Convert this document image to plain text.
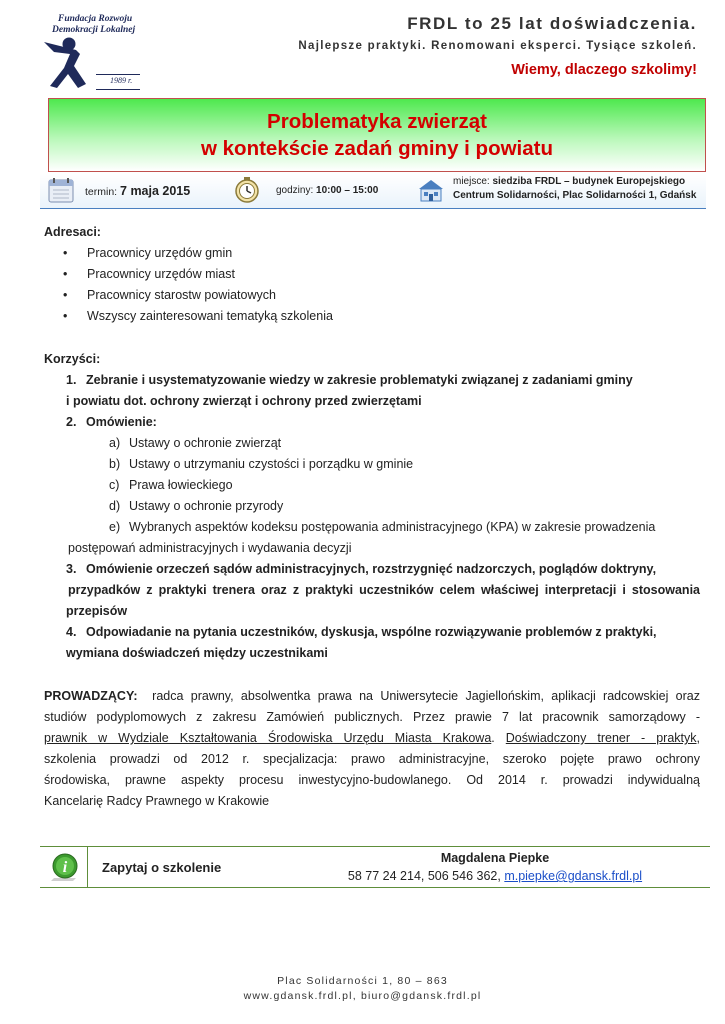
Fundacja Rozwoju
Demokracji Lokalnej
1989 r.
FRDL to 25 lat doświadczenia.
Najlepsze praktyki. Renomowani eksperci. Tysiące szkoleń.
Wiemy, dlaczego szkolimy!
Problematyka zwierząt
w kontekście zadań gminy i powiatu
termin: 7 maja 2015	godziny: 10:00 – 15:00
miejsce: siedziba FRDL – budynek Europejskiego
Centrum Solidarności, Plac Solidarności 1, Gdańsk
Adresaci:
• Pracownicy urzędów gmin
• Pracownicy urzędów miast
• Pracownicy starostw powiatowych
• Wszyscy zainteresowani tematyką szkolenia
Korzyści:
1. Zebranie i usystematyzowanie wiedzy w zakresie problematyki związanej z zadaniami gminy
i powiatu dot. ochrony zwierząt i ochrony przed zwierzętami
2. Omówienie:
a) Ustawy o ochronie zwierząt
b) Ustawy o utrzymaniu czystości i porządku w gminie
c) Prawa łowieckiego
d) Ustawy o ochronie przyrody
e) Wybranych aspektów kodeksu postępowania administracyjnego (KPA) w zakresie prowadzenia
postępowań administracyjnych i wydawania decyzji
3. Omówienie orzeczeń sądów administracyjnych, rozstrzygnięć nadzorczych, poglądów doktryny,
przypadków z praktyki trenera oraz z praktyki uczestników celem właściwej interpretacji i stosowania
przepisów
4. Odpowiadanie na pytania uczestników, dyskusja, wspólne rozwiązywanie problemów z praktyki,
wymiana doświadczeń między uczestnikami
PROWADZĄCY: radca prawny, absolwentka prawa na Uniwersytecie Jagiellońskim, aplikacji radcowskiej oraz
studiów podyplomowych z zakresu Zamówień publicznych. Przez prawie 7 lat pracownik samorządowy -
prawnik w Wydziale Kształtowania Środowiska Urzędu Miasta Krakowa. Doświadczony trener - praktyk,
szkolenia prowadzi od 2012 r. specjalizacja: prawo administracyjne, szeroko pojęte prawo ochrony
środowiska, prawne aspekty procesu inwestycyjno-budowlanego. Od 2014 r. prowadzi indywidualną
Kancelarię Radcy Prawnego w Krakowie
i	Zapytaj o szkolenie
Magdalena Piepke
58 77 24 214, 506 546 362, m.piepke@gdansk.frdl.pl
Plac Solidarności 1, 80 – 863
www.gdansk.frdl.pl, biuro@gdansk.frdl.pl
